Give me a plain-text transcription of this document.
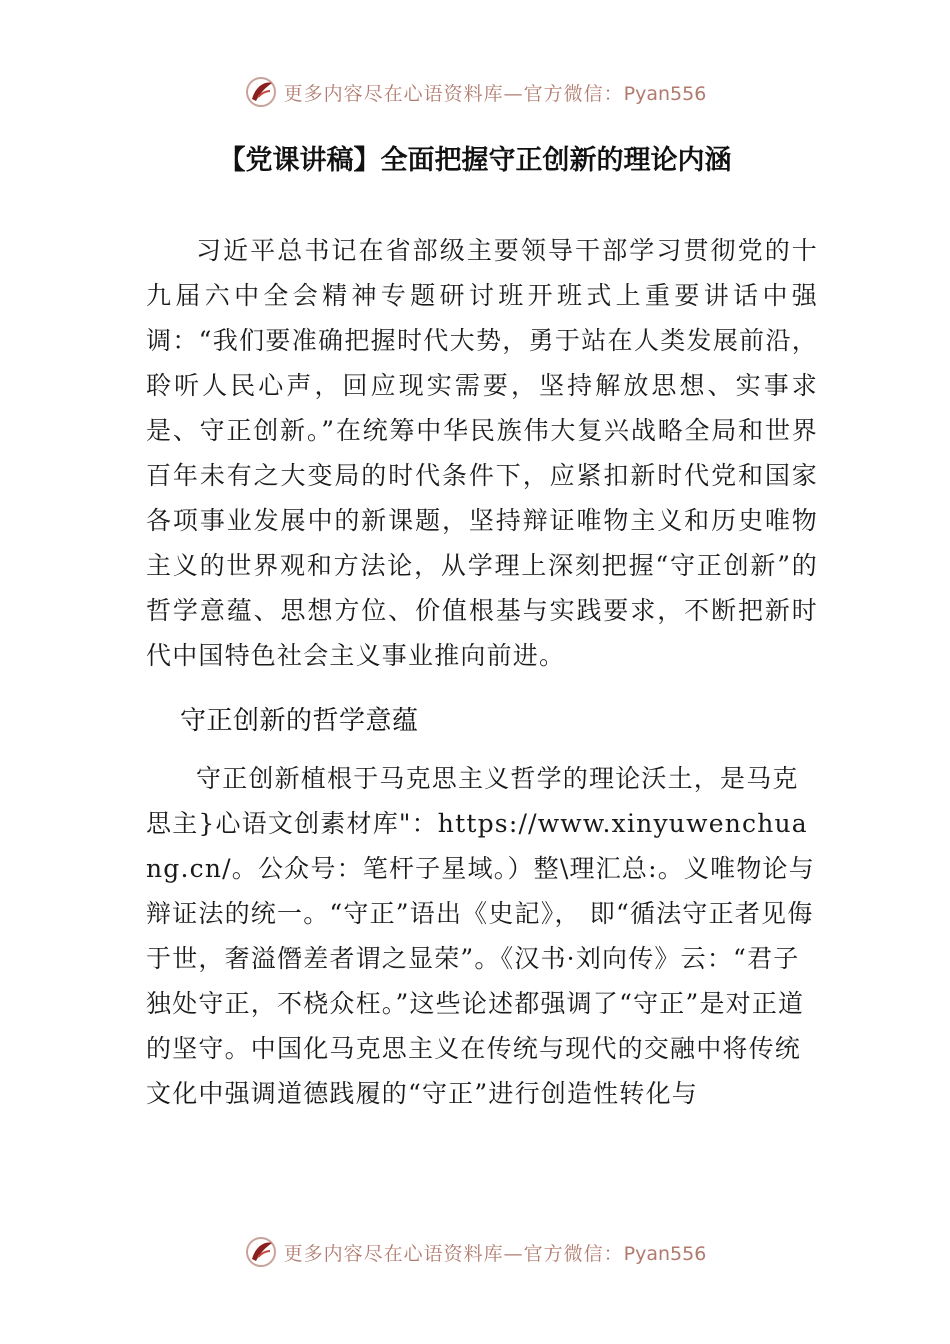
更多内容尽在心语资料库—官方微信：Pyan556
【党课讲稿】全面把握守正创新的理论内涵

习近平总书记在省部级主要领导干部学习贯彻党的十九届六中全会精神专题研讨班开班式上重要讲话中强调：“我们要准确把握时代大势，勇于站在人类发展前沿，聆听人民心声，回应现实需要，坚持解放思想、实事求是、守正创新。”在统筹中华民族伟大复兴战略全局和世界百年未有之大变局的时代条件下，应紧扣新时代党和国家各项事业发展中的新课题，坚持辩证唯物主义和历史唯物主义的世界观和方法论，从学理上深刻把握“守正创新”的哲学意蕴、思想方位、价值根基与实践要求，不断把新时代中国特色社会主义事业推向前进。

守正创新的哲学意蕴

守正创新植根于马克思主义哲学的理论沃土，是马克思主}心语文创素材库"：https://www.xinyuwenchuang.cn/。公众号：笔杆子星域。）整\理汇总:。义唯物论与辩证法的统一。“守正”语出《史記》， 即“循法守正者见侮于世，奢溢僭差者谓之显荣”。《汉书·刘向传》云：“君子独处守正，不桡众枉。”这些论述都强调了“守正”是对正道的坚守。中国化马克思主义在传统与现代的交融中将传统文化中强调道德践履的“守正”进行创造性转化与

更多内容尽在心语资料库—官方微信：Pyan556
